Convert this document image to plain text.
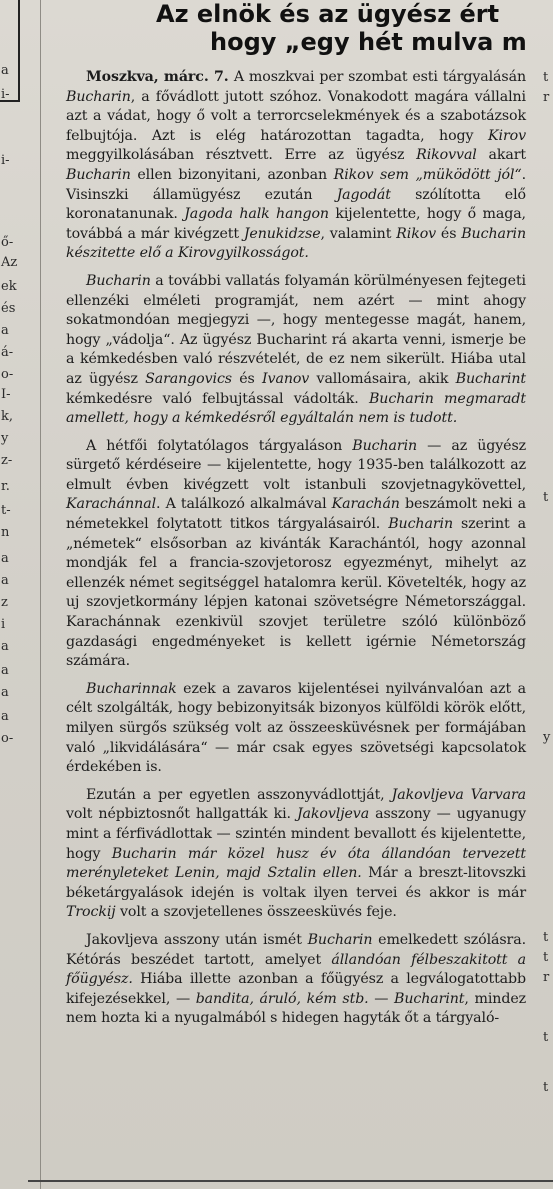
a
i-
i-
ő-
Az
ek
és
a
á-
o-
I-
k,
y
z-
r.
t-
n
a
a
z
i
a
a
a
a
o-
t
r
t
y
t
t
r
t
t
Az elnök és az ügyész ért
hogy „egy hét mulva m

Moszkva, márc. 7. A moszkvai per szombat esti tárgyalásán Bucharin, a fővádlott jutott szóhoz. Vonakodott magára vállalni azt a vádat, hogy ő volt a terrorcselekmények és a szabotázsok felbujtója. Azt is elég határozottan tagadta, hogy Kirov meggyilkolásában résztvett. Erre az ügyész Rikovval akart Bucharin ellen bizonyitani, azonban Rikov sem „müködött jól“. Visinszki államügyész ezután Jagodát szólította elő koronatanunak. Jagoda halk hangon kijelentette, hogy ő maga, továbbá a már kivégzett Jenukidzse, valamint Rikov és Bucharin készitette elő a Kirovgyilkosságot.

Bucharin a további vallatás folyamán körülményesen fejtegeti ellenzéki elméleti programját, nem azért — mint ahogy sokatmondóan megjegyzi —, hogy mentegesse magát, hanem, hogy „vádolja“. Az ügyész Bucharint rá akarta venni, ismerje be a kémkedésben való részvételét, de ez nem sikerült. Hiába utal az ügyész Sarangovics és Ivanov vallomásaira, akik Bucharint kémkedésre való felbujtással vádolták. Bucharin megmaradt amellett, hogy a kémkedésről egyáltalán nem is tudott.

A hétfői folytatólagos tárgyaláson Bucharin — az ügyész sürgető kérdéseire — kijelentette, hogy 1935-ben találkozott az elmult évben kivégzett volt istanbuli szovjetnagykövettel, Karachánnal. A találkozó alkalmával Karachán beszámolt neki a németekkel folytatott titkos tárgyalásairól. Bucharin szerint a „németek“ elsősorban az kivánták Karachántól, hogy azonnal mondják fel a francia-szovjetorosz egyezményt, mihelyt az ellenzék német segitséggel hatalomra kerül. Követelték, hogy az uj szovjetkormány lépjen katonai szövetségre Németországgal. Karachánnak ezenkivül szovjet területre szóló különböző gazdasági engedményeket is kellett igérnie Németország számára.

Bucharinnak ezek a zavaros kijelentései nyilvánvalóan azt a célt szolgálták, hogy bebizonyitsák bizonyos külföldi körök előtt, milyen sürgős szükség volt az összeesküvésnek per formájában való „likvidálására“ — már csak egyes szövetségi kapcsolatok érdekében is.

Ezután a per egyetlen asszonyvádlottját, Jakovljeva Varvara volt népbiztosnőt hallgatták ki. Jakovljeva asszony — ugyanugy mint a férfivádlottak — szintén mindent bevallott és kijelentette, hogy Bucharin már közel husz év óta állandóan tervezett merényleteket Lenin, majd Sztalin ellen. Már a breszt-litovszki béketárgyalások idején is voltak ilyen tervei és akkor is már Trockij volt a szovjetellenes összeesküvés feje.

Jakovljeva asszony után ismét Bucharin emelkedett szólásra. Kétórás beszédet tartott, amelyet állandóan félbeszakitott a főügyész. Hiába illette azonban a főügyész a legválogatottabb kifejezésekkel, — bandita, áruló, kém stb. — Bucharint, mindez nem hozta ki a nyugalmából s hidegen hagyták őt a tárgyaló-
